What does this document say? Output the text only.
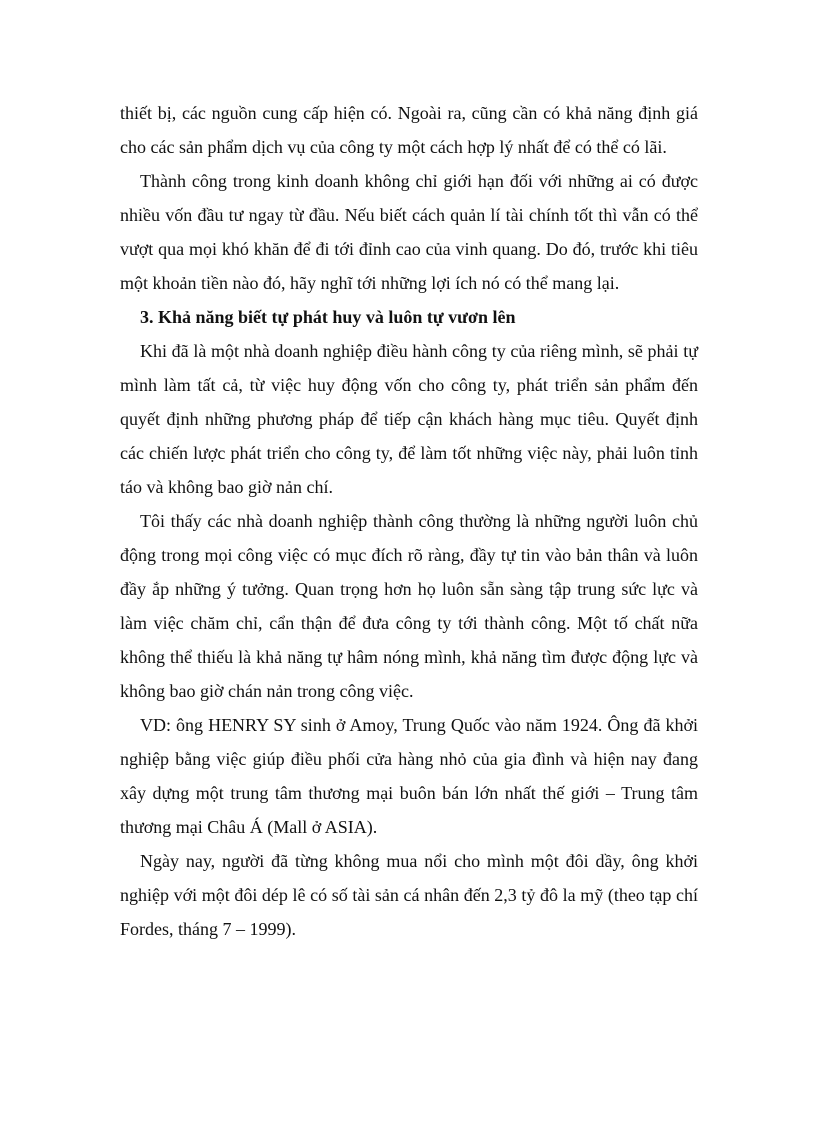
thiết bị, các nguồn cung cấp hiện có. Ngoài ra, cũng cần có khả năng định giá cho các sản phẩm dịch vụ của công ty một cách hợp lý nhất để có thể có lãi.

Thành công trong kinh doanh không chỉ giới hạn đối với những ai có được nhiều vốn đầu tư ngay từ đầu. Nếu biết cách quản lí tài chính tốt thì vẫn có thể vượt qua mọi khó khăn để đi tới đỉnh cao của vinh quang. Do đó, trước khi tiêu một khoản tiền nào đó, hãy nghĩ tới những lợi ích nó có thể mang lại.

3. Khả năng biết tự phát huy và luôn tự vươn lên

Khi đã là một nhà doanh nghiệp điều hành công ty của riêng mình, sẽ phải tự mình làm tất cả, từ việc huy động vốn cho công ty, phát triển sản phẩm đến quyết định những phương pháp để tiếp cận khách hàng mục tiêu. Quyết định các chiến lược phát triển cho công ty, để làm tốt những việc này, phải luôn tỉnh táo và không bao giờ nản chí.

Tôi thấy các nhà doanh nghiệp thành công thường là những người luôn chủ động trong mọi công việc có mục đích rõ ràng, đầy tự tin vào bản thân và luôn đầy ắp những ý tưởng. Quan trọng hơn họ luôn sẵn sàng tập trung sức lực và làm việc chăm chỉ, cẩn thận để đưa công ty tới thành công. Một tố chất nữa không thể thiếu là khả năng tự hâm nóng mình, khả năng tìm được động lực và không bao giờ chán nản trong công việc.

VD: ông HENRY SY sinh ở Amoy, Trung Quốc vào năm 1924. Ông đã khởi nghiệp bằng việc giúp điều phối cửa hàng nhỏ của gia đình và hiện nay đang xây dựng một trung tâm thương mại buôn bán lớn nhất thế giới – Trung tâm thương mại Châu Á (Mall ở ASIA).

Ngày nay, người đã từng không mua nổi cho mình một đôi dầy, ông khởi nghiệp với một đôi dép lê có số tài sản cá nhân đến 2,3 tỷ đô la mỹ (theo tạp chí Fordes, tháng 7 – 1999).
